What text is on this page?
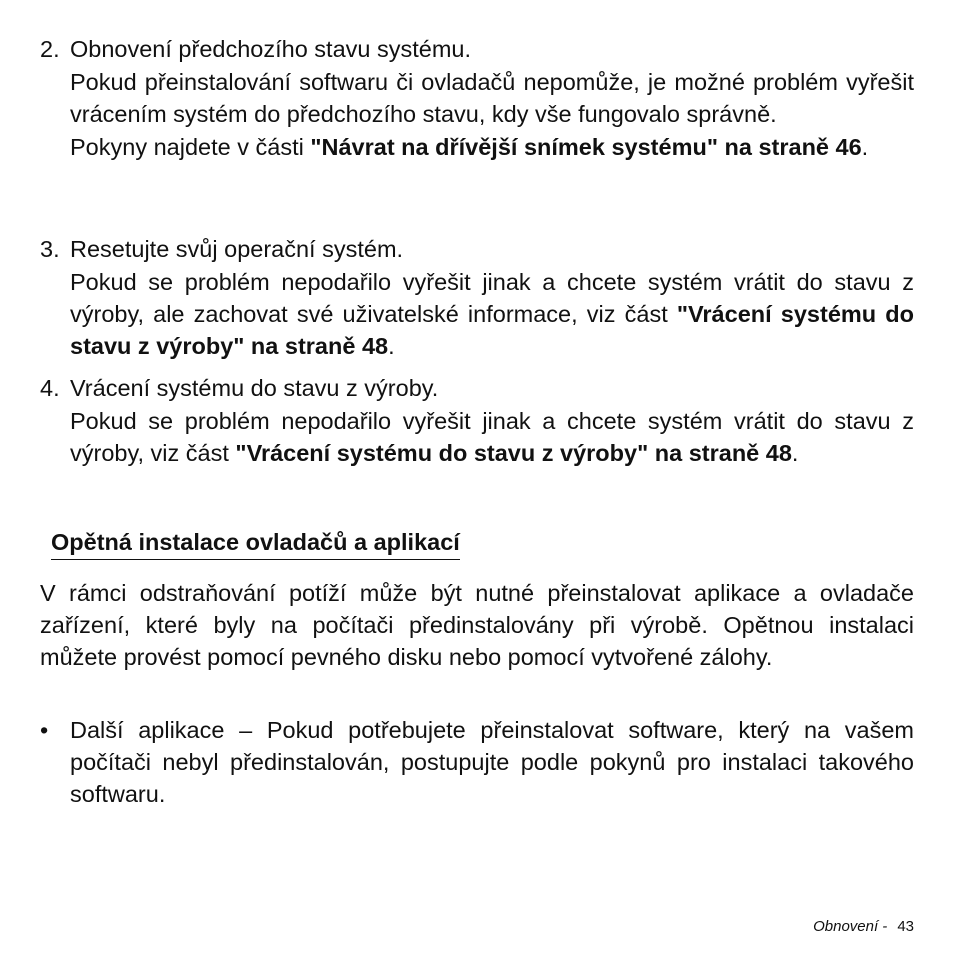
2. Obnovení předchozího stavu systému.

Pokud přeinstalování softwaru či ovladačů nepomůže, je možné problém vyřešit vrácením systém do předchozího stavu, kdy vše fungovalo správně.

Pokyny najdete v části "Návrat na dřívější snímek systému" na straně 46.

3. Resetujte svůj operační systém.

Pokud se problém nepodařilo vyřešit jinak a chcete systém vrátit do stavu z výroby, ale zachovat své uživatelské informace, viz část "Vrácení systému do stavu z výroby" na straně 48.

4. Vrácení systému do stavu z výroby.

Pokud se problém nepodařilo vyřešit jinak a chcete systém vrátit do stavu z výroby, viz část "Vrácení systému do stavu z výroby" na straně 48.

Opětná instalace ovladačů a aplikací

V rámci odstraňování potíží může být nutné přeinstalovat aplikace a ovladače zařízení, které byly na počítači předinstalovány při výrobě. Opětnou instalaci můžete provést pomocí pevného disku nebo pomocí vytvořené zálohy.

• Další aplikace – Pokud potřebujete přeinstalovat software, který na vašem počítači nebyl předinstalován, postupujte podle pokynů pro instalaci takového softwaru.
Obnovení - 43
